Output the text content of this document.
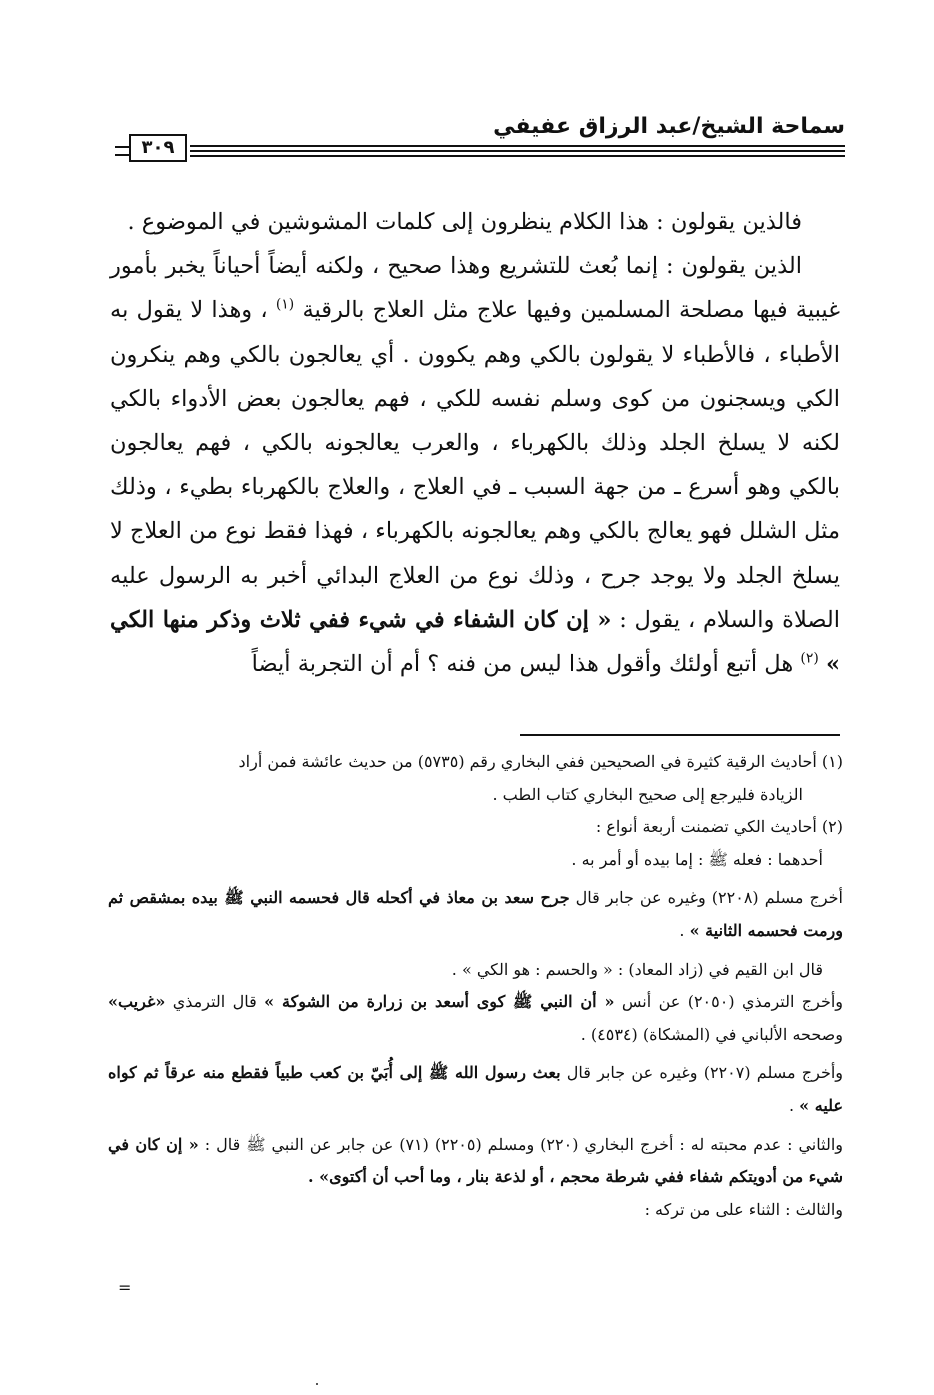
سماحة الشيخ/عبد الرزاق عفيفي
٣٠٩

فالذين يقولون : هذا الكلام ينظرون إلى كلمات المشوشين في الموضوع .

الذين يقولون : إنما بُعث للتشريع وهذا صحيح ، ولكنه أيضاً أحياناً يخبر بأمور غيبية فيها مصلحة المسلمين وفيها علاج مثل العلاج بالرقية $^{(١)}$ ، وهذا لا يقول به الأطباء ، فالأطباء لا يقولون بالكي وهم يكوون . أي يعالجون بالكي وهم ينكرون الكي ويسجنون من كوى وسلم نفسه للكي ، فهم يعالجون بعض الأدواء بالكي لكنه لا يسلخ الجلد وذلك بالكهرباء ، والعرب يعالجونه بالكي ، فهم يعالجون بالكي وهو أسرع ـ من جهة السبب ـ في العلاج ، والعلاج بالكهرباء بطيء ، وذلك مثل الشلل فهو يعالج بالكي وهم يعالجونه بالكهرباء ، فهذا فقط نوع من العلاج لا يسلخ الجلد ولا يوجد جرح ، وذلك نوع من العلاج البدائي أخبر به الرسول عليه الصلاة والسلام ، يقول : « إن كان الشفاء في شيء ففي ثلاث وذكر منها الكي » $^{(٢)}$ هل أتبع أولئك وأقول هذا ليس من فنه ؟ أم أن التجربة أيضاً

(١) أحاديث الرقية كثيرة في الصحيحين ففي البخاري رقم (٥٧٣٥) من حديث عائشة فمن أراد

الزيادة فليرجع إلى صحيح البخاري كتاب الطب .

(٢) أحاديث الكي تضمنت أربعة أنواع :

أحدهما : فعله ﷺ : إما بيده أو أمر به .

أخرج مسلم (٢٢٠٨) وغيره عن جابر قال جرح سعد بن معاذ في أكحله قال فحسمه النبي ﷺ بيده بمشقص ثم ورمت فحسمه الثانية » .

قال ابن القيم في (زاد المعاد) : « والحسم : هو الكي » .

وأخرج الترمذي (٢٠٥٠) عن أنس « أن النبي ﷺ كوى أسعد بن زرارة من الشوكة » قال الترمذي «غريب» وصححه الألباني في (المشكاة) (٤٥٣٤) .

وأخرج مسلم (٢٢٠٧) وغيره عن جابر قال بعث رسول الله ﷺ إلى أُبَيّ بن كعب طبياً فقطع منه عرقاً ثم كواه عليه » .

والثاني : عدم محبته له : أخرج البخاري (٢٢٠) ومسلم (٢٢٠٥) (٧١) عن جابر عن النبي ﷺ قال : « إن كان في شيء من أدويتكم شفاء ففي شرطة محجم ، أو لذعة بنار ، وما أحب أن أكتوى» .

والثالث : الثناء على من تركه :

=
